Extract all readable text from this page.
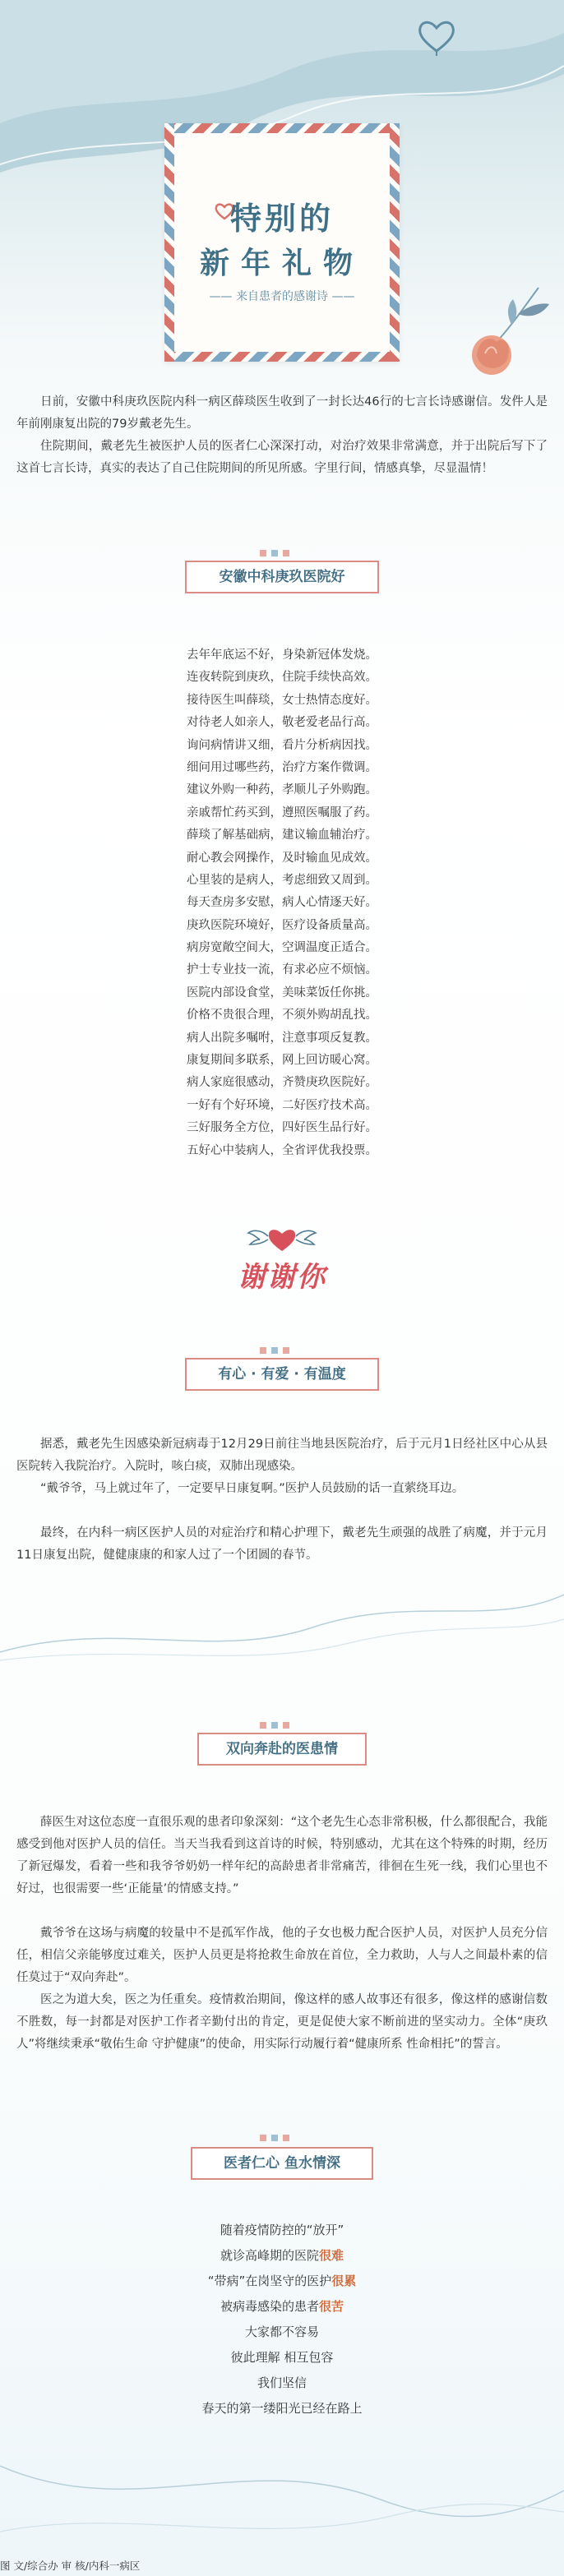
特别的
新年礼物
—— 来自患者的感谢诗 ——

日前，安徽中科庚玖医院内科一病区薛琰医生收到了一封长达46行的七言长诗感谢信。发件人是年前刚康复出院的79岁戴老先生。

住院期间，戴老先生被医护人员的医者仁心深深打动，对治疗效果非常满意，并于出院后写下了这首七言长诗，真实的表达了自己住院期间的所见所感。字里行间，情感真挚，尽显温情！

安徽中科庚玖医院好
去年年底运不好，身染新冠体发烧。
连夜转院到庚玖，住院手续快高效。
接待医生叫薛琰，女士热情态度好。
对待老人如亲人，敬老爱老品行高。
询问病情讲又细，看片分析病因找。
细问用过哪些药，治疗方案作微调。
建议外购一种药，孝顺儿子外购跑。
亲戚帮忙药买到，遵照医嘱服了药。
薛琰了解基础病，建议输血辅治疗。
耐心教会网操作，及时输血见成效。
心里装的是病人，考虑细致又周到。
每天查房多安慰，病人心情逐天好。
庚玖医院环境好，医疗设备质量高。
病房宽敞空间大，空调温度正适合。
护士专业技一流，有求必应不烦恼。
医院内部设食堂，美味菜饭任你挑。
价格不贵很合理，不须外购胡乱找。
病人出院多嘱咐，注意事项反复教。
康复期间多联系，网上回访暖心窝。
病人家庭很感动，齐赞庚玖医院好。
一好有个好环境，二好医疗技术高。
三好服务全方位，四好医生品行好。
五好心中装病人，全省评优我投票。
谢谢你
有心 · 有爱 · 有温度

据悉，戴老先生因感染新冠病毒于12月29日前往当地县医院治疗，后于元月1日经社区中心从县医院转入我院治疗。入院时，咳白痰，双肺出现感染。

“戴爷爷，马上就过年了，一定要早日康复啊。”医护人员鼓励的话一直萦绕耳边。

最终，在内科一病区医护人员的对症治疗和精心护理下，戴老先生顽强的战胜了病魔，并于元月11日康复出院，健健康康的和家人过了一个团圆的春节。

双向奔赴的医患情

薛医生对这位态度一直很乐观的患者印象深刻：“这个老先生心态非常积极，什么都很配合，我能感受到他对医护人员的信任。当天当我看到这首诗的时候，特别感动，尤其在这个特殊的时期，经历了新冠爆发，看着一些和我爷爷奶奶一样年纪的高龄患者非常痛苦，徘徊在生死一线，我们心里也不好过，也很需要一些‘正能量’的情感支持。”

戴爷爷在这场与病魔的较量中不是孤军作战，他的子女也极力配合医护人员，对医护人员充分信任，相信父亲能够度过难关，医护人员更是将抢救生命放在首位，全力救助，人与人之间最朴素的信任莫过于“双向奔赴”。

医之为道大矣，医之为任重矣。疫情救治期间，像这样的感人故事还有很多，像这样的感谢信数不胜数，每一封都是对医护工作者辛勤付出的肯定，更是促使大家不断前进的坚实动力。全体“庚玖人”将继续秉承“敬佑生命 守护健康”的使命，用实际行动履行着“健康所系 性命相托”的誓言。

医者仁心 鱼水情深
随着疫情防控的“放开”
就诊高峰期的医院很难
“带病”在岗坚守的医护很累
被病毒感染的患者很苦
大家都不容易
彼此理解 相互包容
我们坚信
春天的第一缕阳光已经在路上
图 文/综合办 审 核/内科一病区
